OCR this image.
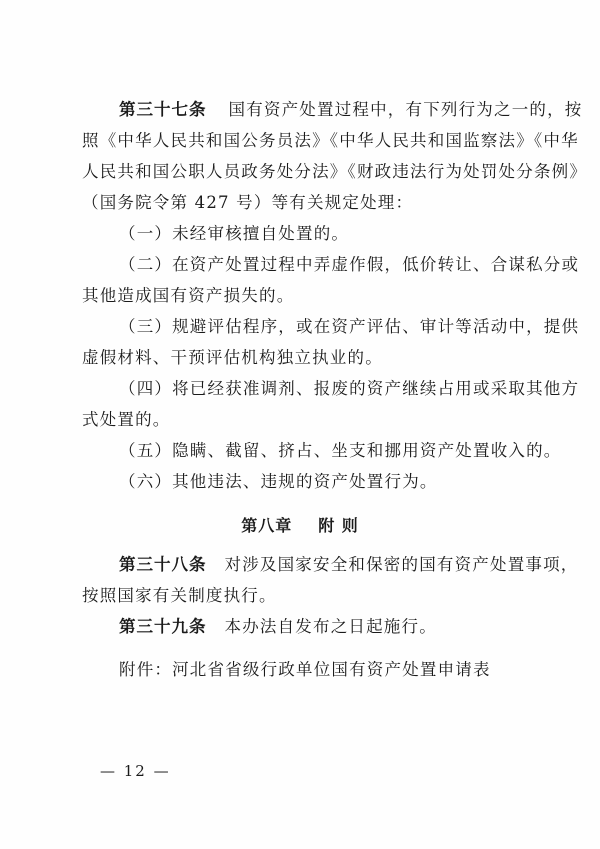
第三十七条 国有资产处置过程中，有下列行为之一的，按
照《中华人民共和国公务员法》《中华人民共和国监察法》《中华
人民共和国公职人员政务处分法》《财政违法行为处罚处分条例》
（国务院令第 427 号）等有关规定处理：
（一）未经审核擅自处置的。
（二）在资产处置过程中弄虚作假，低价转让、合谋私分或
其他造成国有资产损失的。
（三）规避评估程序，或在资产评估、审计等活动中，提供
虚假材料、干预评估机构独立执业的。
（四）将已经获准调剂、报废的资产继续占用或采取其他方
式处置的。
（五）隐瞒、截留、挤占、坐支和挪用资产处置收入的。
（六）其他违法、违规的资产处置行为。
第八章 附 则
第三十八条 对涉及国家安全和保密的国有资产处置事项，
按照国家有关制度执行。
第三十九条 本办法自发布之日起施行。
附件：河北省省级行政单位国有资产处置申请表
— 12 —
